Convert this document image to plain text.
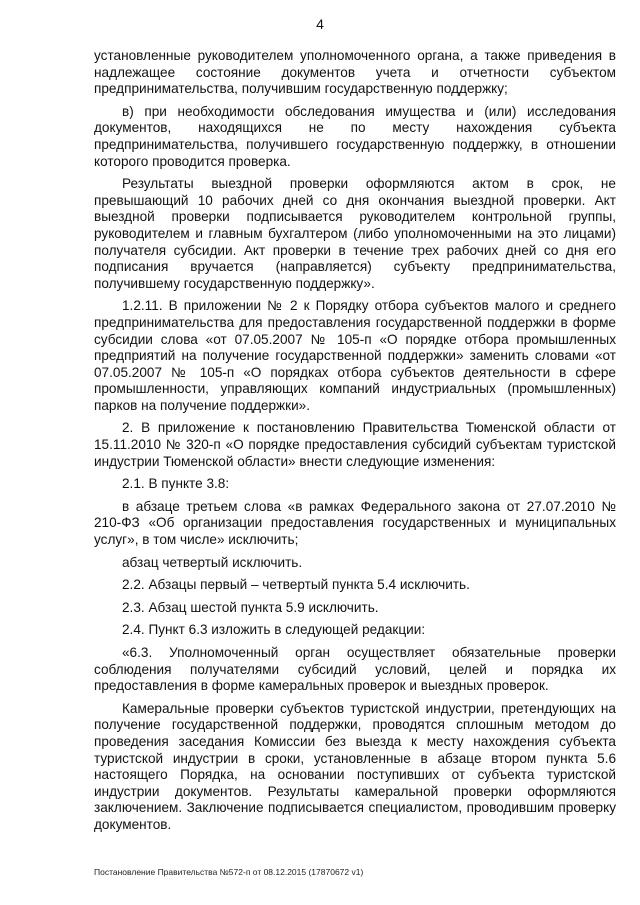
4

установленные руководителем уполномоченного органа, а также приведения в надлежащее состояние документов учета и отчетности субъектом предпринимательства, получившим государственную поддержку;

в) при необходимости обследования имущества и (или) исследования документов, находящихся не по месту нахождения субъекта предпринимательства, получившего государственную поддержку, в отношении которого проводится проверка.

Результаты выездной проверки оформляются актом в срок, не превышающий 10 рабочих дней со дня окончания выездной проверки. Акт выездной проверки подписывается руководителем контрольной группы, руководителем и главным бухгалтером (либо уполномоченными на это лицами) получателя субсидии. Акт проверки в течение трех рабочих дней со дня его подписания вручается (направляется) субъекту предпринимательства, получившему государственную поддержку».

1.2.11. В приложении № 2 к Порядку отбора субъектов малого и среднего предпринимательства для предоставления государственной поддержки в форме субсидии слова «от 07.05.2007 № 105-п «О порядке отбора промышленных предприятий на получение государственной поддержки» заменить словами «от 07.05.2007 № 105-п «О порядках отбора субъектов деятельности в сфере промышленности, управляющих компаний индустриальных (промышленных) парков на получение поддержки».

2. В приложение к постановлению Правительства Тюменской области от 15.11.2010 № 320-п «О порядке предоставления субсидий субъектам туристской индустрии Тюменской области» внести следующие изменения:

2.1. В пункте 3.8:

в абзаце третьем слова «в рамках Федерального закона от 27.07.2010 № 210-ФЗ «Об организации предоставления государственных и муниципальных услуг», в том числе» исключить;

абзац четвертый исключить.

2.2. Абзацы первый – четвертый пункта 5.4 исключить.

2.3. Абзац шестой пункта 5.9 исключить.

2.4. Пункт 6.3 изложить в следующей редакции:

«6.3. Уполномоченный орган осуществляет обязательные проверки соблюдения получателями субсидий условий, целей и порядка их предоставления в форме камеральных проверок и выездных проверок.

Камеральные проверки субъектов туристской индустрии, претендующих на получение государственной поддержки, проводятся сплошным методом до проведения заседания Комиссии без выезда к месту нахождения субъекта туристской индустрии в сроки, установленные в абзаце втором пункта 5.6 настоящего Порядка, на основании поступивших от субъекта туристской индустрии документов. Результаты камеральной проверки оформляются заключением. Заключение подписывается специалистом, проводившим проверку документов.

Постановление Правительства №572-п от 08.12.2015 (17870672 v1)
